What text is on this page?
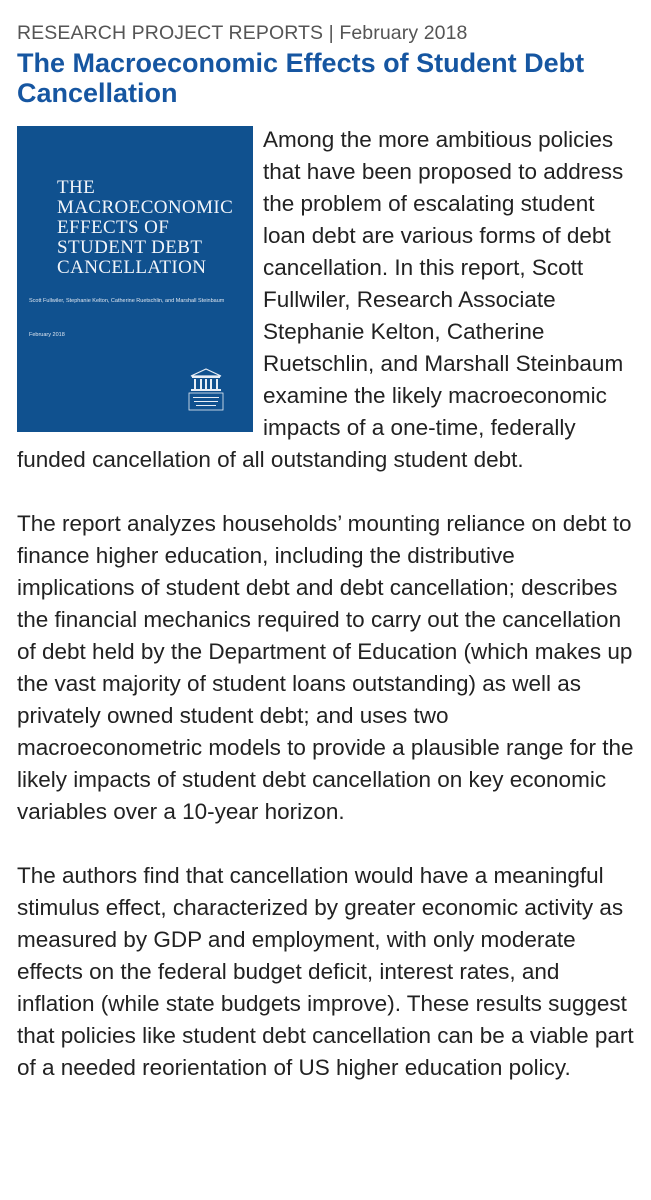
RESEARCH PROJECT REPORTS | February 2018
The Macroeconomic Effects of Student Debt Cancellation
THE
MACROECONOMIC
EFFECTS OF
STUDENT DEBT
CANCELLATION
Scott Fullwiler, Stephanie Kelton, Catherine Ruetschlin, and Marshall Steinbaum
February 2018

Among the more ambitious policies that have been proposed to address the problem of escalating student loan debt are various forms of debt cancellation. In this report, Scott Fullwiler, Research Associate Stephanie Kelton, Catherine Ruetschlin, and Marshall Steinbaum examine the likely macroeconomic impacts of a one-time, federally funded cancellation of all outstanding student debt.

The report analyzes households’ mounting reliance on debt to finance higher education, including the distributive implications of student debt and debt cancellation; describes the financial mechanics required to carry out the cancellation of debt held by the Department of Education (which makes up the vast majority of student loans outstanding) as well as privately owned student debt; and uses two macroeconometric models to provide a plausible range for the likely impacts of student debt cancellation on key economic variables over a 10-year horizon.

The authors find that cancellation would have a meaningful stimulus effect, characterized by greater economic activity as measured by GDP and employment, with only moderate effects on the federal budget deficit, interest rates, and inflation (while state budgets improve). These results suggest that policies like student debt cancellation can be a viable part of a needed reorientation of US higher education policy.
